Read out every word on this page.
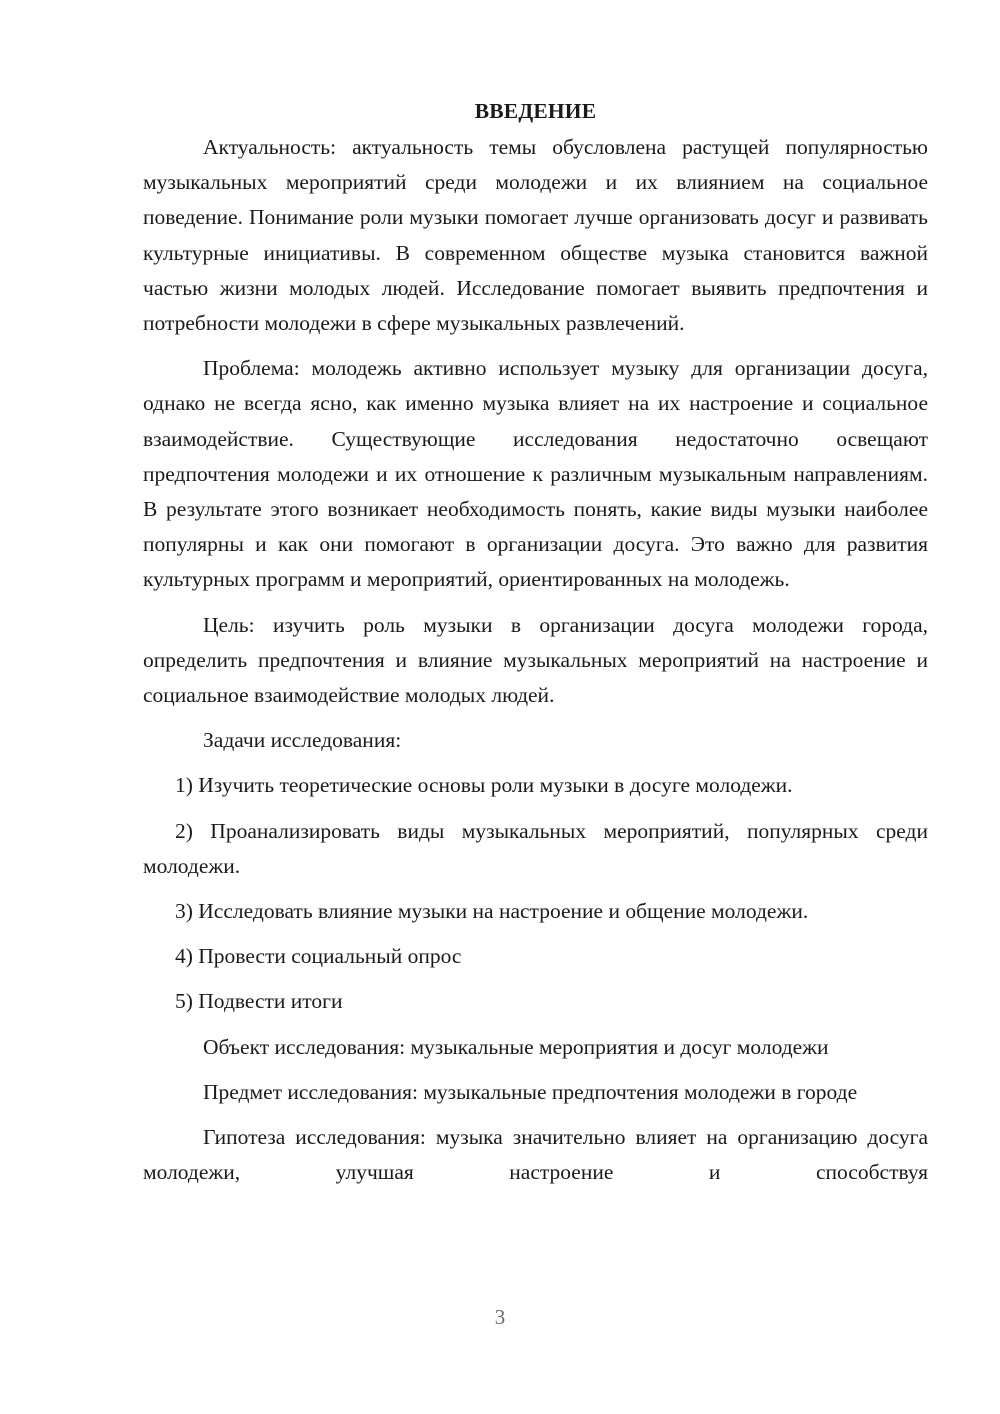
ВВЕДЕНИЕ

Актуальность: актуальность темы обусловлена растущей популярностью музыкальных мероприятий среди молодежи и их влиянием на социальное поведение. Понимание роли музыки помогает лучше организовать досуг и развивать культурные инициативы. В современном обществе музыка становится важной частью жизни молодых людей. Исследование помогает выявить предпочтения и потребности молодежи в сфере музыкальных развлечений.

Проблема: молодежь активно использует музыку для организации досуга, однако не всегда ясно, как именно музыка влияет на их настроение и социальное взаимодействие. Существующие исследования недостаточно освещают предпочтения молодежи и их отношение к различным музыкальным направлениям. В результате этого возникает необходимость понять, какие виды музыки наиболее популярны и как они помогают в организации досуга. Это важно для развития культурных программ и мероприятий, ориентированных на молодежь.

Цель: изучить роль музыки в организации досуга молодежи города, определить предпочтения и влияние музыкальных мероприятий на настроение и социальное взаимодействие молодых людей.

Задачи исследования:

1) Изучить теоретические основы роли музыки в досуге молодежи.

2) Проанализировать виды музыкальных мероприятий, популярных среди молодежи.

3) Исследовать влияние музыки на настроение и общение молодежи.

4) Провести социальный опрос

5) Подвести итоги

Объект исследования: музыкальные мероприятия и досуг молодежи

Предмет исследования: музыкальные предпочтения молодежи в городе

Гипотеза исследования: музыка значительно влияет на организацию досуга молодежи, улучшая настроение и способствуя

3
